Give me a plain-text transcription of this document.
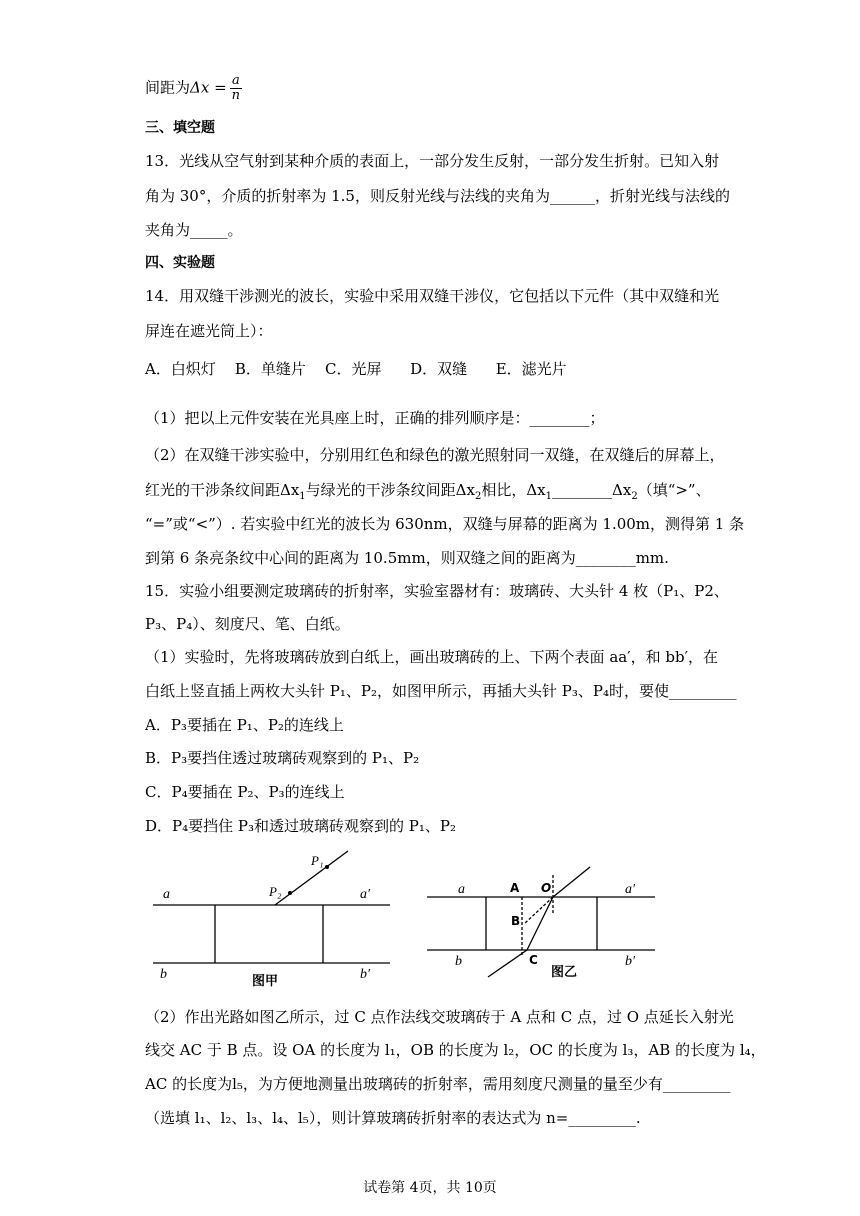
间距为$\Delta x = \frac{a}{n}$
三、填空题
13．光线从空气射到某种介质的表面上，一部分发生反射，一部分发生折射。已知入射
角为 30°，介质的折射率为 1.5，则反射光线与法线的夹角为______，折射光线与法线的
夹角为_____。
四、实验题
14．用双缝干涉测光的波长，实验中采用双缝干涉仪，它包括以下元件（其中双缝和光
屏连在遮光筒上）：
A．白炽灯    B．单缝片    C．光屏      D．双缝      E．滤光片
（1）把以上元件安装在光具座上时，正确的排列顺序是：________；
（2）在双缝干涉实验中，分别用红色和绿色的激光照射同一双缝，在双缝后的屏幕上，
红光的干涉条纹间距$\Delta x_1$与绿光的干涉条纹间距$\Delta x_2$相比，$\Delta x_1\_\_\_\_\_\_\_\_\Delta x_2$（填“>”、
“=”或“<”）. 若实验中红光的波长为 630nm，双缝与屏幕的距离为 1.00m，测得第 1 条
到第 6 条亮条纹中心间的距离为 10.5mm，则双缝之间的距离为________mm.
15．实验小组要测定玻璃砖的折射率，实验室器材有：玻璃砖、大头针 4 枚（P₁、P2、
P₃、P₄）、刻度尺、笔、白纸。
（1）实验时，先将玻璃砖放到白纸上，画出玻璃砖的上、下两个表面 aa′，和 bb′，在
白纸上竖直插上两枚大头针 P₁、P₂，如图甲所示，再插大头针 P₃、P₄时，要使_________
A．P₃要插在 P₁、P₂的连线上
B．P₃要挡住透过玻璃砖观察到的 P₁、P₂
C．P₄要插在 P₂、P₃的连线上
D．P₄要挡住 P₃和透过玻璃砖观察到的 P₁、P₂
a	a′
b	b′
P₁
P₂
图甲
a	a′
b	b′
A O
B
C
图乙
（2）作出光路如图乙所示，过 C 点作法线交玻璃砖于 A 点和 C 点，过 O 点延长入射光
线交 AC 于 B 点。设 OA 的长度为 l₁，OB 的长度为 l₂，OC 的长度为 l₃，AB 的长度为 l₄，
AC 的长度为l₅，为方便地测量出玻璃砖的折射率，需用刻度尺测量的量至少有_________
（选填 l₁、l₂、l₃、l₄、l₅），则计算玻璃砖折射率的表达式为 n=_________.
试卷第 4页，共 10页
